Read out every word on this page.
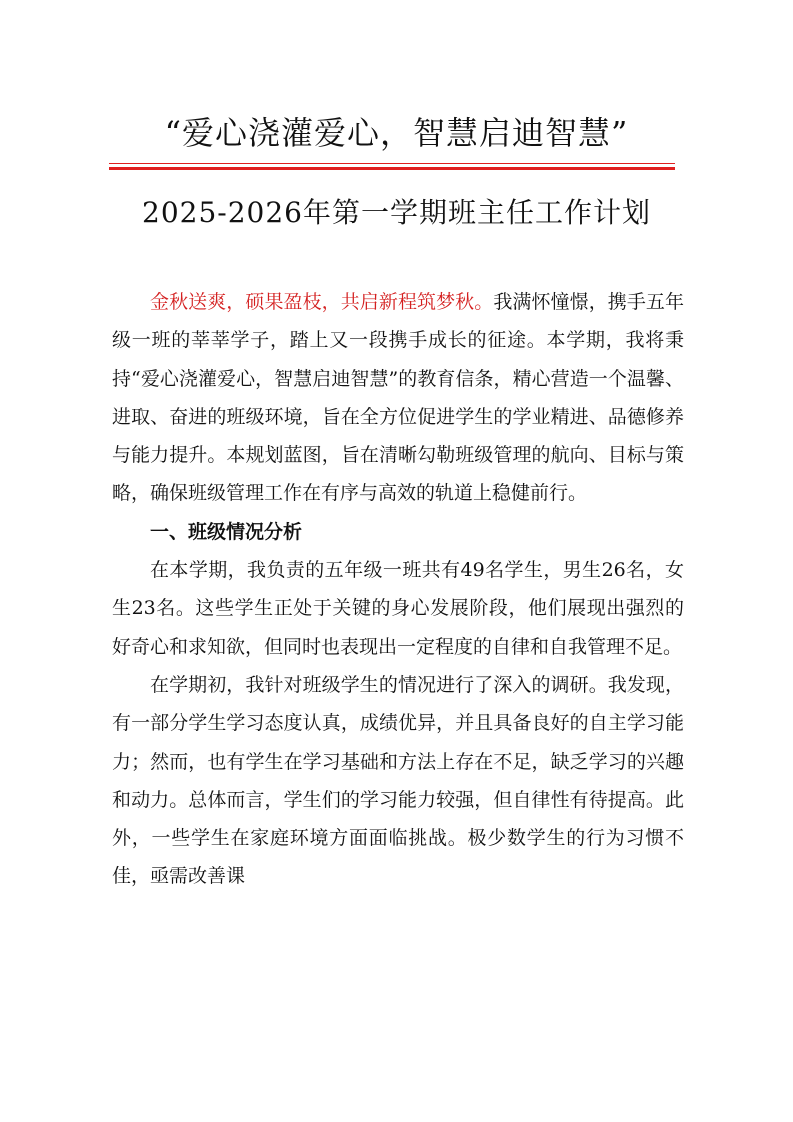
“爱心浇灌爱心，智慧启迪智慧”
2025-2026年第一学期班主任工作计划

金秋送爽，硕果盈枝，共启新程筑梦秋。我满怀憧憬，携手五年级一班的莘莘学子，踏上又一段携手成长的征途。本学期，我将秉持“爱心浇灌爱心，智慧启迪智慧”的教育信条，精心营造一个温馨、进取、奋进的班级环境，旨在全方位促进学生的学业精进、品德修养与能力提升。本规划蓝图，旨在清晰勾勒班级管理的航向、目标与策略，确保班级管理工作在有序与高效的轨道上稳健前行。

一、班级情况分析

在本学期，我负责的五年级一班共有49名学生，男生26名，女生23名。这些学生正处于关键的身心发展阶段，他们展现出强烈的好奇心和求知欲，但同时也表现出一定程度的自律和自我管理不足。

在学期初，我针对班级学生的情况进行了深入的调研。我发现，有一部分学生学习态度认真，成绩优异，并且具备良好的自主学习能力；然而，也有学生在学习基础和方法上存在不足，缺乏学习的兴趣和动力。总体而言，学生们的学习能力较强，但自律性有待提高。此外，一些学生在家庭环境方面面临挑战。极少数学生的行为习惯不佳，亟需改善课
